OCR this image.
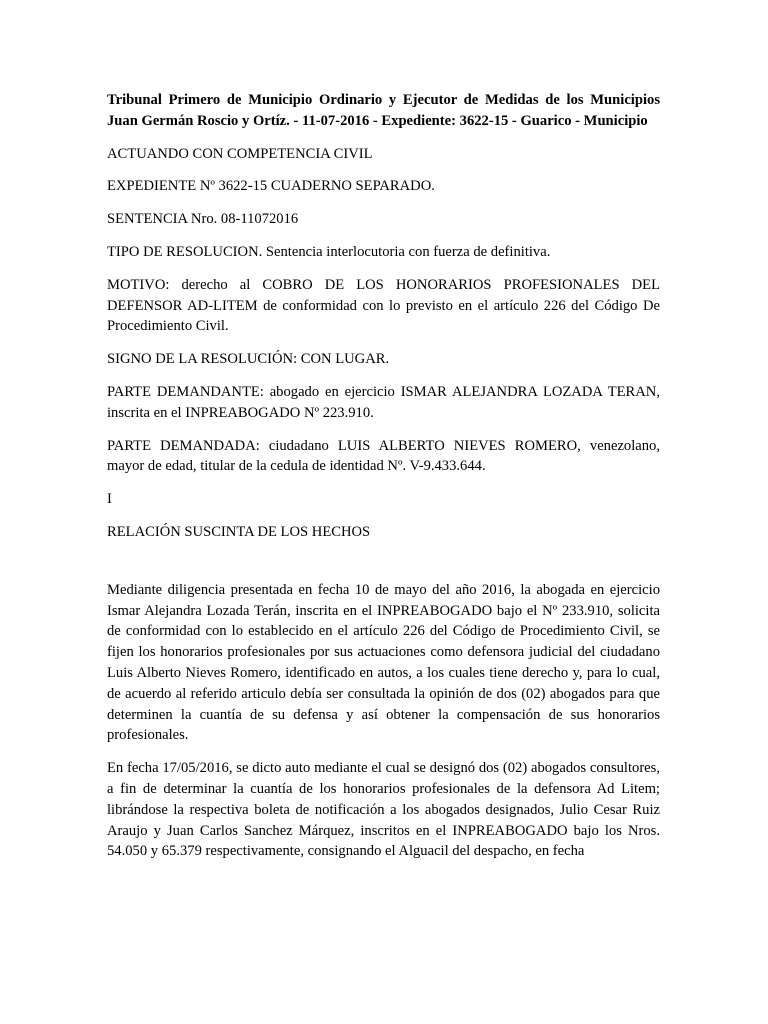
Tribunal Primero de Municipio Ordinario y Ejecutor de Medidas de los Municipios Juan Germán Roscio y Ortíz. - 11-07-2016 - Expediente: 3622-15 - Guarico - Municipio

ACTUANDO CON COMPETENCIA CIVIL

EXPEDIENTE Nº 3622-15 CUADERNO SEPARADO.

SENTENCIA Nro. 08-11072016

TIPO DE RESOLUCION. Sentencia interlocutoria con fuerza de definitiva.

MOTIVO: derecho al COBRO DE LOS HONORARIOS PROFESIONALES DEL DEFENSOR AD-LITEM de conformidad con lo previsto en el artículo 226 del Código De Procedimiento Civil.

SIGNO DE LA RESOLUCIÓN: CON LUGAR.

PARTE DEMANDANTE: abogado en ejercicio ISMAR ALEJANDRA LOZADA TERAN, inscrita en el INPREABOGADO Nº 223.910.

PARTE DEMANDADA: ciudadano LUIS ALBERTO NIEVES ROMERO, venezolano, mayor de edad, titular de la cedula de identidad Nº. V-9.433.644.

I

RELACIÓN SUSCINTA DE LOS HECHOS

Mediante diligencia presentada en fecha 10 de mayo del año 2016, la abogada en ejercicio Ismar Alejandra Lozada Terán, inscrita en el INPREABOGADO bajo el Nº 233.910, solicita de conformidad con lo establecido en el artículo 226 del Código de Procedimiento Civil, se fijen los honorarios profesionales por sus actuaciones como defensora judicial del ciudadano Luis Alberto Nieves Romero, identificado en autos, a los cuales tiene derecho y, para lo cual, de acuerdo al referido articulo debía ser consultada la opinión de dos (02) abogados para que determinen la cuantía de su defensa y así obtener la compensación de sus honorarios profesionales.

En fecha 17/05/2016, se dicto auto mediante el cual se designó dos (02) abogados consultores, a fin de determinar la cuantía de los honorarios profesionales de la defensora Ad Litem; librándose la respectiva boleta de notificación a los abogados designados, Julio Cesar Ruiz Araujo y Juan Carlos Sanchez Márquez, inscritos en el INPREABOGADO bajo los Nros. 54.050 y 65.379 respectivamente, consignando el Alguacil del despacho, en fecha
